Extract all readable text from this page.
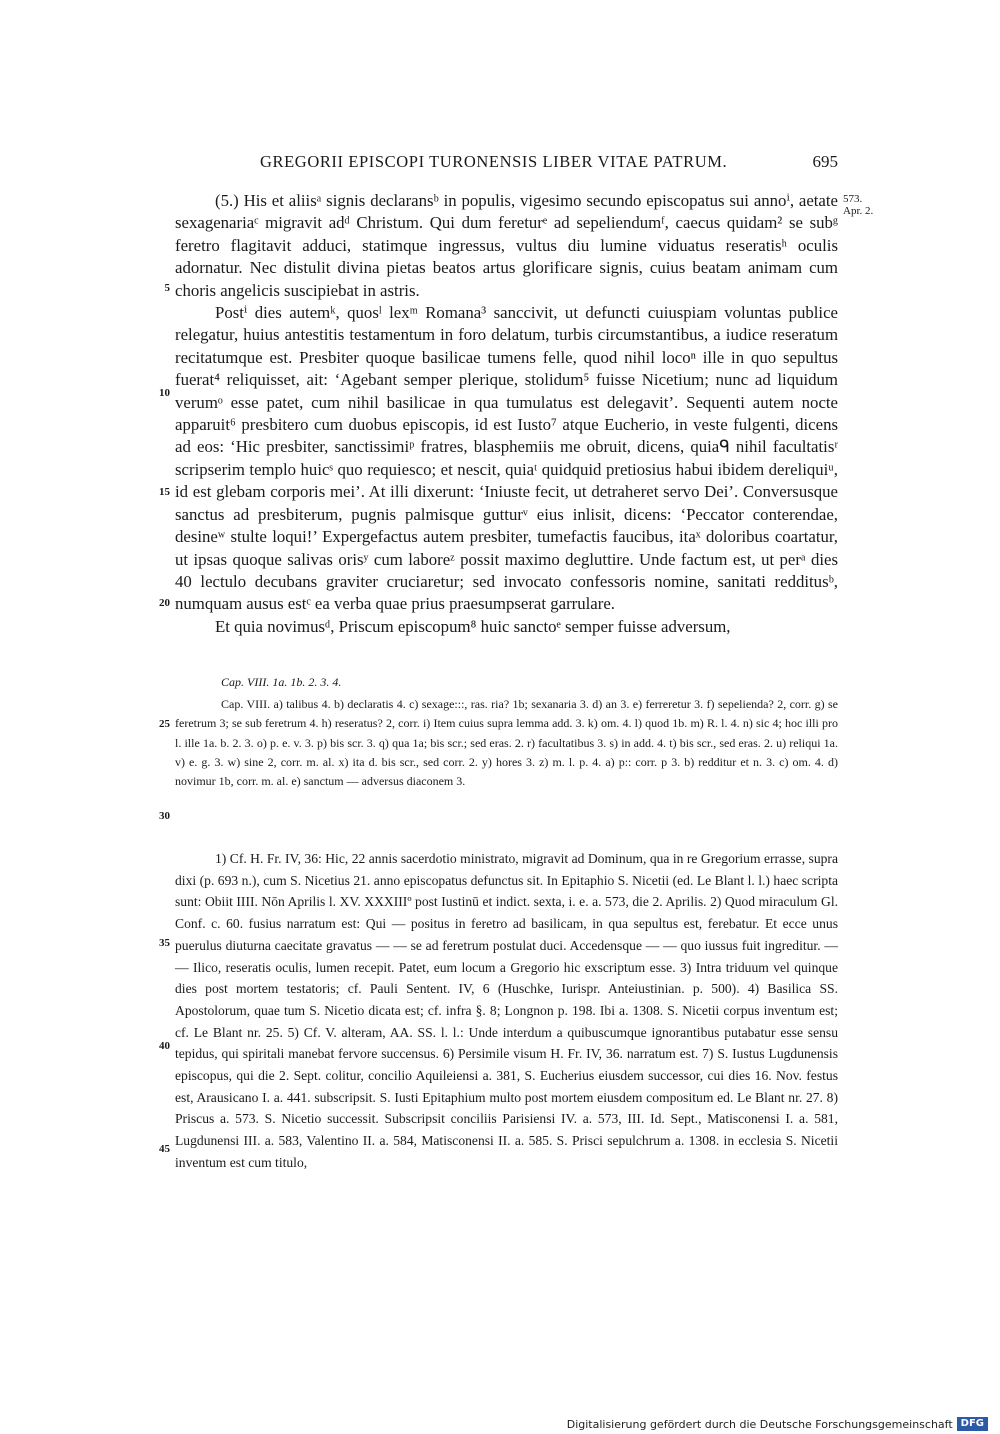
GREGORII EPISCOPI TURONENSIS LIBER VITAE PATRUM.	695
573.
Apr. 2.
5
10
15
20
25
30
35
40
45

(5.) His et aliisᵃ signis declaransᵇ in populis, vigesimo secundo episcopatus sui annoⁱ, aetate sexagenariaᶜ migravit adᵈ Christum. Qui dum fereturᵉ ad sepeliendumᶠ, caecus quidam² se subᵍ feretro flagitavit adduci, statimque ingressus, vultus diu lumine viduatus reseratisʰ oculis adornatur. Nec distulit divina pietas beatos artus glorificare signis, cuius beatam animam cum choris angelicis suscipiebat in astris.

Postⁱ dies autemᵏ, quosˡ lexᵐ Romana³ sanccivit, ut defuncti cuiuspiam voluntas publice relegatur, huius antestitis testamentum in foro delatum, turbis circumstantibus, a iudice reseratum recitatumque est. Presbiter quoque basilicae tumens felle, quod nihil locoⁿ ille in quo sepultus fuerat⁴ reliquisset, ait: ‘Agebant semper plerique, stolidum⁵ fuisse Nicetium; nunc ad liquidum verumᵒ esse patet, cum nihil basilicae in qua tumulatus est delegavit’. Sequenti autem nocte apparuit⁶ presbitero cum duobus episcopis, id est Iusto⁷ atque Eucherio, in veste fulgenti, dicens ad eos: ‘Hic presbiter, sanctissimiᵖ fratres, blasphemiis me obruit, dicens, quiaᑫ nihil facultatisʳ scripserim templo huicˢ quo requiesco; et nescit, quiaᵗ quidquid pretiosius habui ibidem dereliquiᵘ, id est glebam corporis mei’. At illi dixerunt: ‘Iniuste fecit, ut detraheret servo Dei’. Conversusque sanctus ad presbiterum, pugnis palmisque gutturᵛ eius inlisit, dicens: ‘Peccator conterendae, desineʷ stulte loqui!’ Expergefactus autem presbiter, tumefactis faucibus, itaˣ doloribus coartatur, ut ipsas quoque salivas orisʸ cum laboreᶻ possit maximo degluttire. Unde factum est, ut perᵃ dies 40 lectulo decubans graviter cruciaretur; sed invocato confessoris nomine, sanitati redditusᵇ, numquam ausus estᶜ ea verba quae prius praesumpserat garrulare.

Et quia novimusᵈ, Priscum episcopum⁸ huic sanctoᵉ semper fuisse adversum,

Cap. VIII. 1a. 1b. 2. 3. 4.

Cap. VIII. a) talibus 4. b) declaratis 4. c) sexage:::, ras. ria? 1b; sexanaria 3. d) an 3. e) ferreretur 3. f) sepelienda? 2, corr. g) se feretrum 3; se sub feretrum 4. h) reseratus? 2, corr. i) Item cuius supra lemma add. 3. k) om. 4. l) quod 1b. m) R. l. 4. n) sic 4; hoc illi pro l. ille 1a. b. 2. 3. o) p. e. v. 3. p) bis scr. 3. q) qua 1a; bis scr.; sed eras. 2. r) facultatibus 3. s) in add. 4. t) bis scr., sed eras. 2. u) reliqui 1a. v) e. g. 3. w) sine 2, corr. m. al. x) ita d. bis scr., sed corr. 2. y) hores 3. z) m. l. p. 4. a) p:: corr. p 3. b) redditur et n. 3. c) om. 4. d) novimur 1b, corr. m. al. e) sanctum — adversus diaconem 3.

1) Cf. H. Fr. IV, 36: Hic, 22 annis sacerdotio ministrato, migravit ad Dominum, qua in re Gregorium errasse, supra dixi (p. 693 n.), cum S. Nicetius 21. anno episcopatus defunctus sit. In Epitaphio S. Nicetii (ed. Le Blant l. l.) haec scripta sunt: Obiit IIII. Nōn Aprilis l. XV. XXXIIIº post Iustinū et indict. sexta, i. e. a. 573, die 2. Aprilis. 2) Quod miraculum Gl. Conf. c. 60. fusius narratum est: Qui — positus in feretro ad basilicam, in qua sepultus est, ferebatur. Et ecce unus puerulus diuturna caecitate gravatus — — se ad feretrum postulat duci. Accedensque — — quo iussus fuit ingreditur. — — Ilico, reseratis oculis, lumen recepit. Patet, eum locum a Gregorio hic exscriptum esse. 3) Intra triduum vel quinque dies post mortem testatoris; cf. Pauli Sentent. IV, 6 (Huschke, Iurispr. Anteiustinian. p. 500). 4) Basilica SS. Apostolorum, quae tum S. Nicetio dicata est; cf. infra §. 8; Longnon p. 198. Ibi a. 1308. S. Nicetii corpus inventum est; cf. Le Blant nr. 25. 5) Cf. V. alteram, AA. SS. l. l.: Unde interdum a quibuscumque ignorantibus putabatur esse sensu tepidus, qui spiritali manebat fervore succensus. 6) Persimile visum H. Fr. IV, 36. narratum est. 7) S. Iustus Lugdunensis episcopus, qui die 2. Sept. colitur, concilio Aquileiensi a. 381, S. Eucherius eiusdem successor, cui dies 16. Nov. festus est, Arausicano I. a. 441. subscripsit. S. Iusti Epitaphium multo post mortem eiusdem compositum ed. Le Blant nr. 27. 8) Priscus a. 573. S. Nicetio successit. Subscripsit conciliis Parisiensi IV. a. 573, III. Id. Sept., Matisconensi I. a. 581, Lugdunensi III. a. 583, Valentino II. a. 584, Matisconensi II. a. 585. S. Prisci sepulchrum a. 1308. in ecclesia S. Nicetii inventum est cum titulo,

Digitalisierung gefördert durch die Deutsche Forschungsgemeinschaft DFG
